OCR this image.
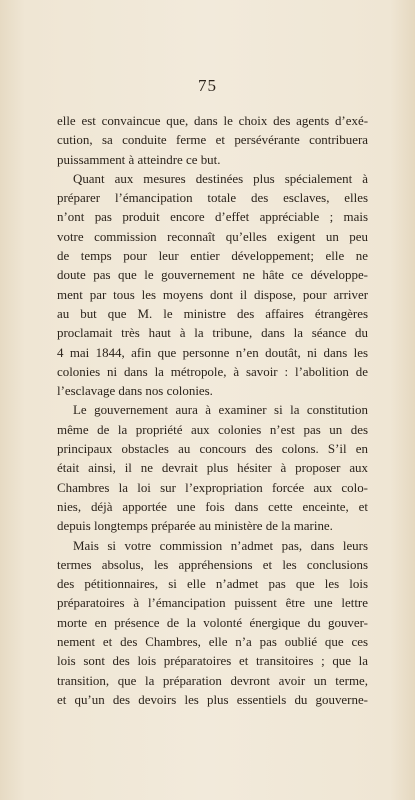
75
elle est convaincue que, dans le choix des agents d’exé-
cution, sa conduite ferme et persévérante contribuera
puissamment à atteindre ce but.
Quant aux mesures destinées plus spécialement à
préparer l’émancipation totale des esclaves, elles
n’ont pas produit encore d’effet appréciable ; mais
votre commission reconnaît qu’elles exigent un peu
de temps pour leur entier développement; elle ne
doute pas que le gouvernement ne hâte ce développe-
ment par tous les moyens dont il dispose, pour arriver
au but que M. le ministre des affaires étrangères
proclamait très haut à la tribune, dans la séance du
4 mai 1844, afin que personne n’en doutât, ni dans les
colonies ni dans la métropole, à savoir : l’abolition de
l’esclavage dans nos colonies.
Le gouvernement aura à examiner si la constitution
même de la propriété aux colonies n’est pas un des
principaux obstacles au concours des colons. S’il en
était ainsi, il ne devrait plus hésiter à proposer aux
Chambres la loi sur l’expropriation forcée aux colo-
nies, déjà apportée une fois dans cette enceinte, et
depuis longtemps préparée au ministère de la marine.
Mais si votre commission n’admet pas, dans leurs
termes absolus, les appréhensions et les conclusions
des pétitionnaires, si elle n’admet pas que les lois
préparatoires à l’émancipation puissent être une lettre
morte en présence de la volonté énergique du gouver-
nement et des Chambres, elle n’a pas oublié que ces
lois sont des lois préparatoires et transitoires ; que la
transition, que la préparation devront avoir un terme,
et qu’un des devoirs les plus essentiels du gouverne-
